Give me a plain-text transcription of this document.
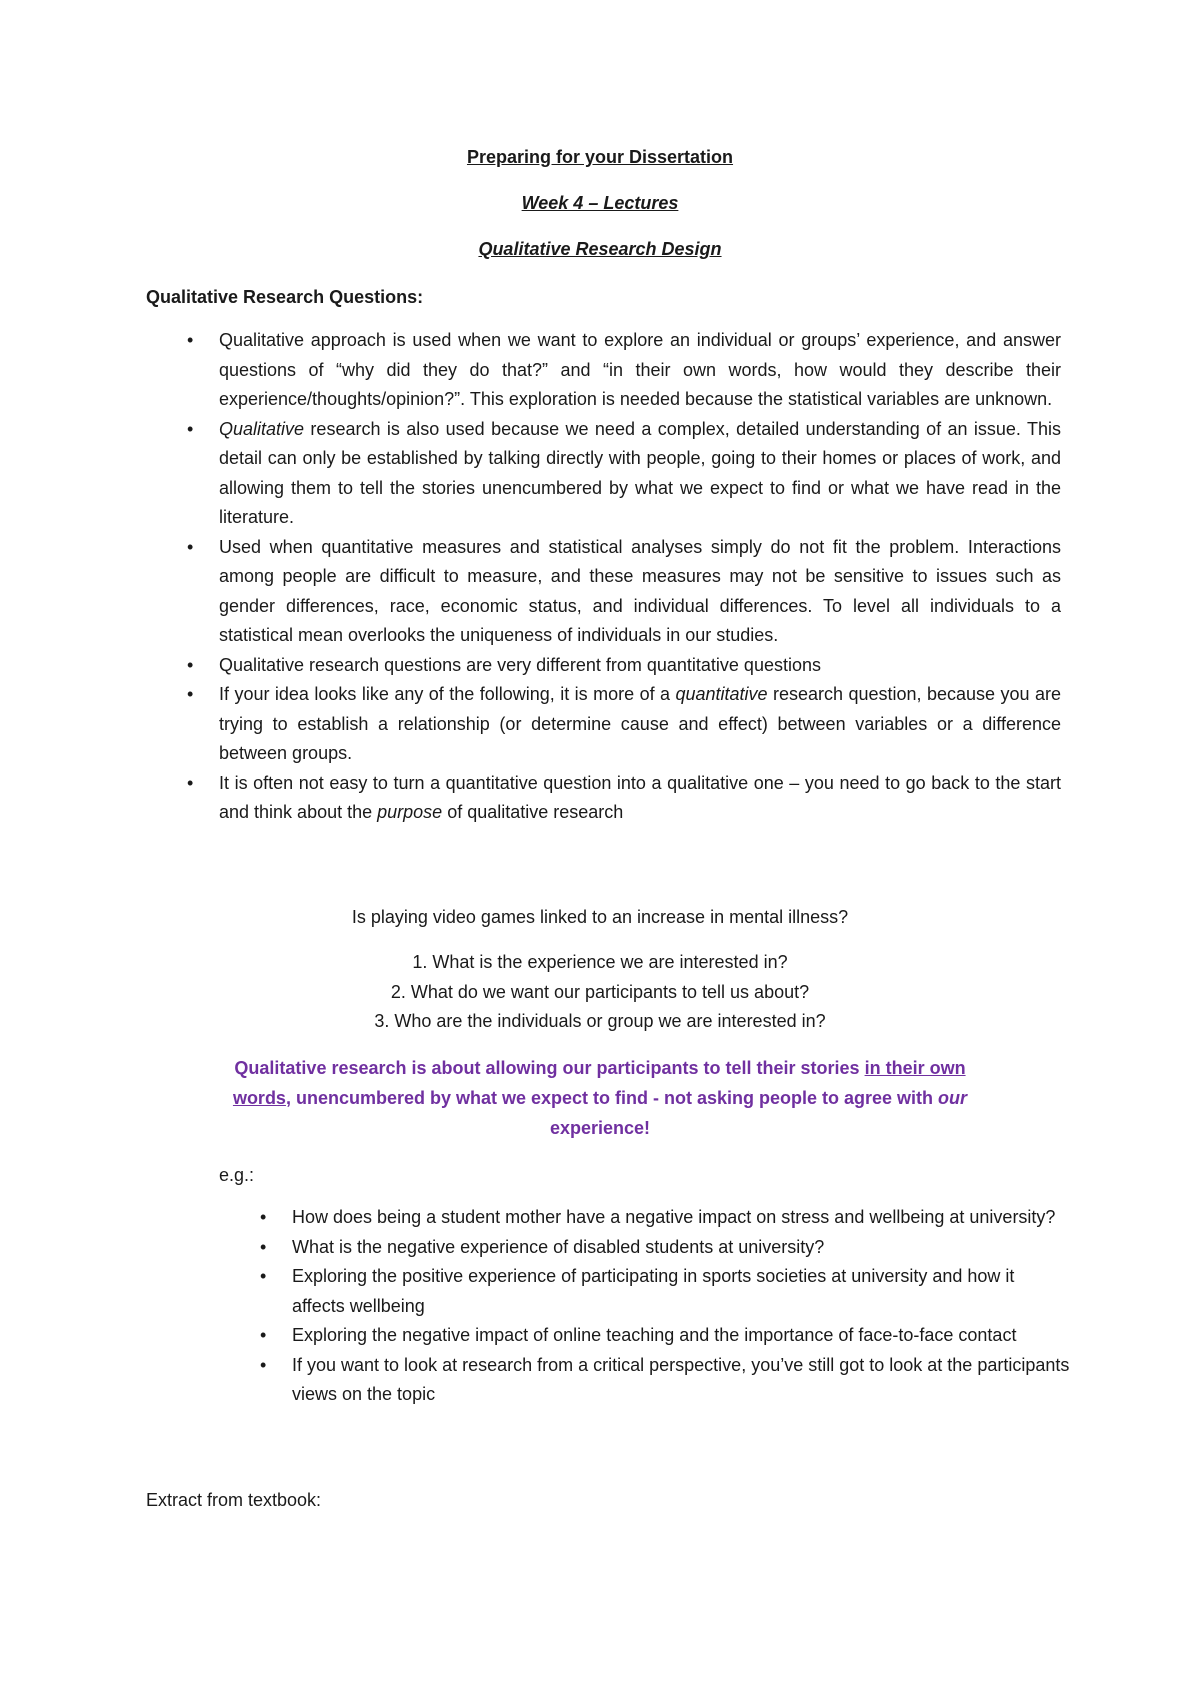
Preparing for your Dissertation
Week 4 – Lectures
Qualitative Research Design
Qualitative Research Questions:
• Qualitative approach is used when we want to explore an individual or groups’ experience, and answer questions of “why did they do that?” and “in their own words, how would they describe their experience/thoughts/opinion?”. This exploration is needed because the statistical variables are unknown.
• Qualitative research is also used because we need a complex, detailed understanding of an issue. This detail can only be established by talking directly with people, going to their homes or places of work, and allowing them to tell the stories unencumbered by what we expect to find or what we have read in the literature.
• Used when quantitative measures and statistical analyses simply do not fit the problem. Interactions among people are difficult to measure, and these measures may not be sensitive to issues such as gender differences, race, economic status, and individual differences. To level all individuals to a statistical mean overlooks the uniqueness of individuals in our studies.
• Qualitative research questions are very different from quantitative questions
• If your idea looks like any of the following, it is more of a quantitative research question, because you are trying to establish a relationship (or determine cause and effect) between variables or a difference between groups.
• It is often not easy to turn a quantitative question into a qualitative one – you need to go back to the start and think about the purpose of qualitative research
Is playing video games linked to an increase in mental illness?
1. What is the experience we are interested in?
2. What do we want our participants to tell us about?
3. Who are the individuals or group we are interested in?
Qualitative research is about allowing our participants to tell their stories in their own words, unencumbered by what we expect to find - not asking people to agree with our experience!
e.g.:
• How does being a student mother have a negative impact on stress and wellbeing at university?
• What is the negative experience of disabled students at university?
• Exploring the positive experience of participating in sports societies at university and how it affects wellbeing
• Exploring the negative impact of online teaching and the importance of face-to-face contact
• If you want to look at research from a critical perspective, you’ve still got to look at the participants views on the topic
Extract from textbook:
